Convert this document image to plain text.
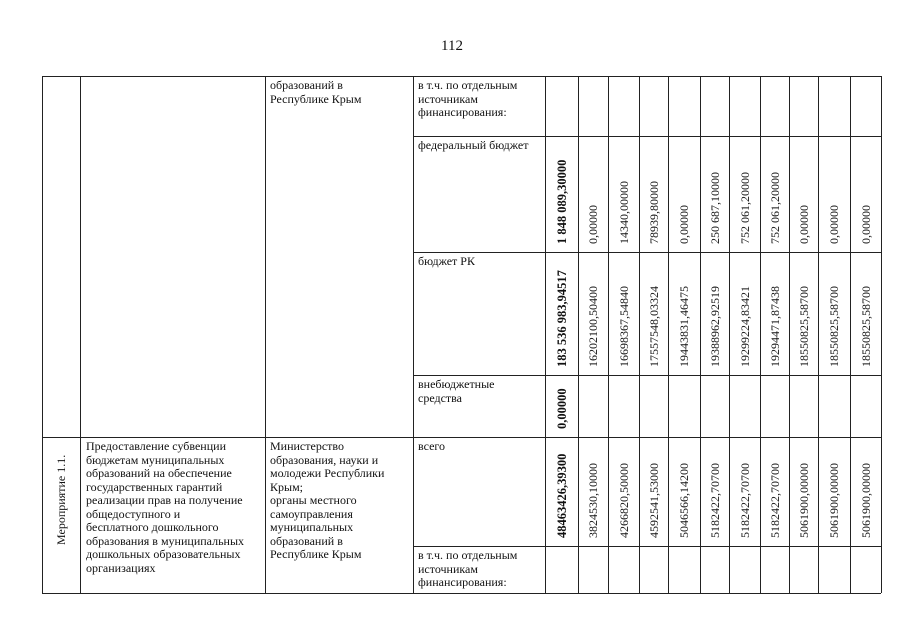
112
образований в
Республике Крым
в т.ч. по отдельным
источникам
финансирования:
федеральный бюджет
1 848 089,30000 0,00000 14340,00000 78939,80000 0,00000 250 687,10000 752 061,20000 752 061,20000 0,00000 0,00000 0,00000
бюджет РК
183 536 983,94517 16202100,50400 16698367,54840 17557548,03324 19443831,46475 19388962,92519 19299224,83421 19294471,87438 18550825,58700 18550825,58700 18550825,58700
внебюджетные
средства	0,00000
Мероприятие 1.1.
Предоставление субвенции
бюджетам муниципальных
образований на обеспечение
государственных гарантий
реализации прав на получение
общедоступного и
бесплатного дошкольного
образования в муниципальных
дошкольных образовательных
организациях
Министерство
образования, науки и
молодежи Республики
Крым;
органы местного
самоуправления
муниципальных
образований в
Республике Крым
всего
48463426,39300 3824530,10000 4266820,50000 4592541,53000 5046566,14200 5182422,70700 5182422,70700 5182422,70700 5061900,00000 5061900,00000 5061900,00000
в т.ч. по отдельным
источникам
финансирования:
